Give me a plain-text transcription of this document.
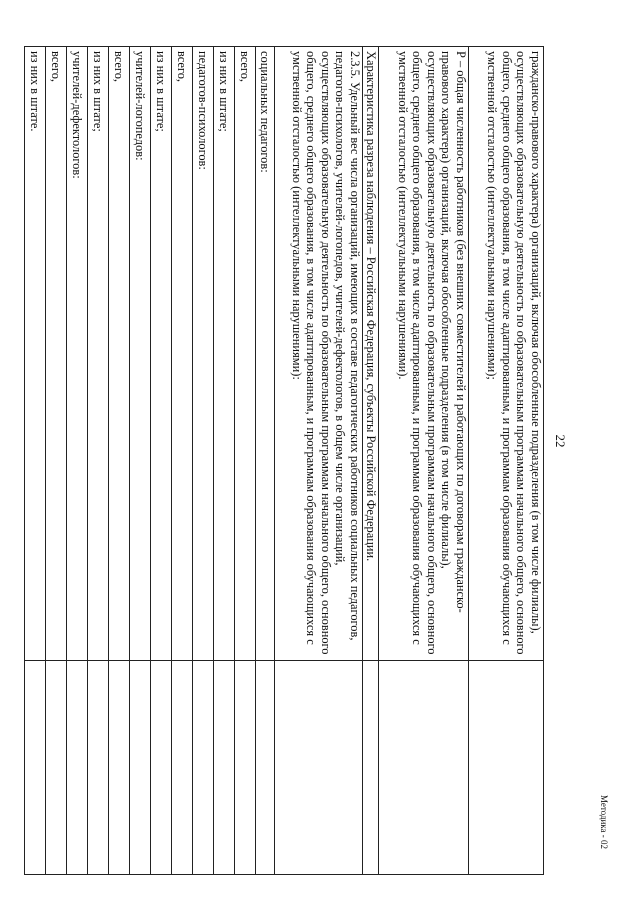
22
гражданско-правового характера) организаций, включая обособленные подразделения (в том числе филиалы), осуществляющих образовательную деятельность по образовательным программам начального общего, основного общего, среднего общего образования, в том числе адаптированным, и программам образования обучающихся с умственной отсталостью (интеллектуальными нарушениями);	
Р – общая численность работников (без внешних совместителей и работающих по договорам гражданско-правового характера) организаций, включая обособленные подразделения (в том числе филиалы), осуществляющих образовательную деятельность по образовательным программам начального общего, основного общего, среднего общего образования, в том числе адаптированным, и программам образования обучающихся с умственной отсталостью (интеллектуальными нарушениями).	
Характеристика разреза наблюдения – Российская Федерация, субъекты Российской Федерации.	
2.3.5. Удельный вес числа организаций, имеющих в составе педагогических работников социальных педагогов, педагогов-психологов, учителей-логопедов, учителей-дефектологов, в общем числе организаций, осуществляющих образовательную деятельность по образовательным программам начального общего, основного общего, среднего общего образования, в том числе адаптированным, и программам образования обучающихся с умственной отсталостью (интеллектуальными нарушениями):	
социальных педагогов:	
всего,	
из них в штате;	
педагогов-психологов:	
всего,	
из них в штате;	
учителей-логопедов:	
всего,	
из них в штате;	
учителей-дефектологов:	
всего,	
из них в штате.	
Методика - 02
